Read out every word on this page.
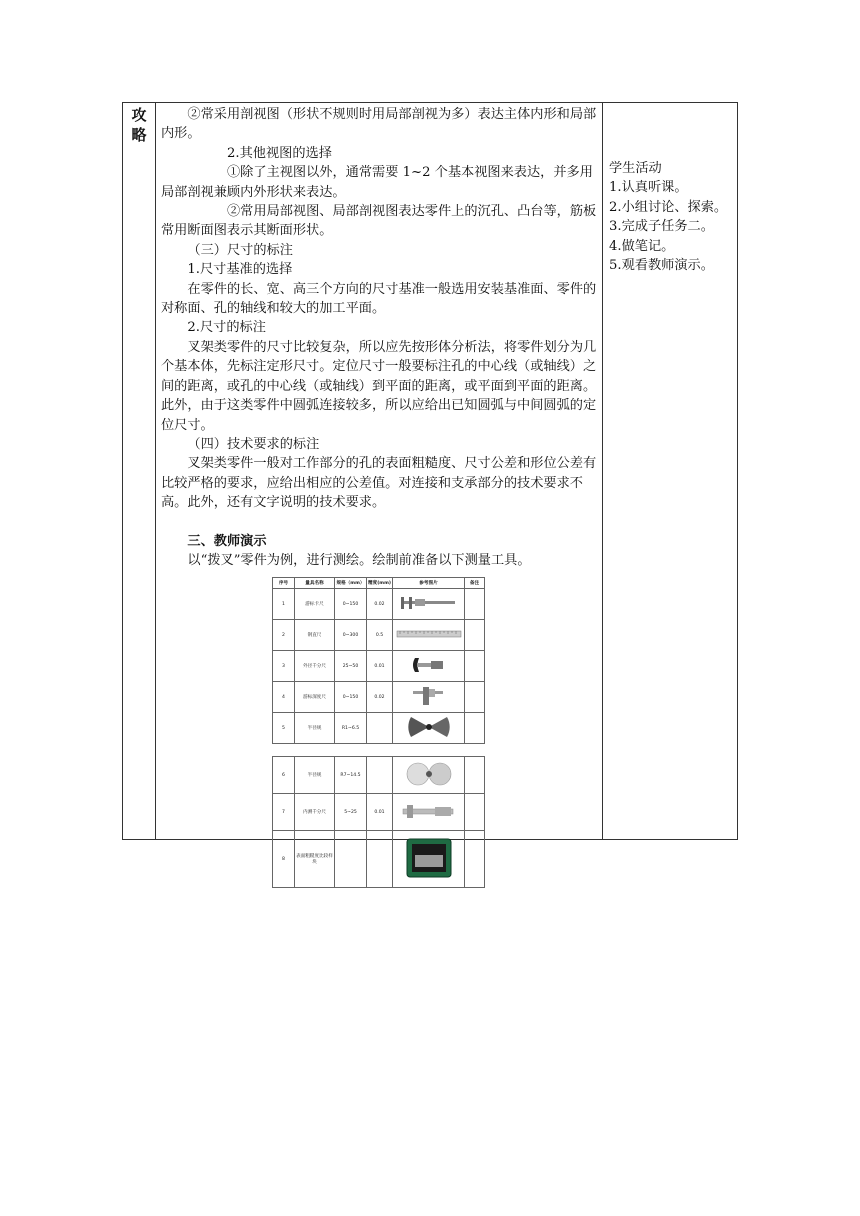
攻略

②常采用剖视图（形状不规则时用局部剖视为多）表达主体内形和局部内形。

2.其他视图的选择

①除了主视图以外，通常需要 1~2 个基本视图来表达，并多用局部剖视兼顾内外形状来表达。

②常用局部视图、局部剖视图表达零件上的沉孔、凸台等，筋板常用断面图表示其断面形状。

（三）尺寸的标注

1.尺寸基准的选择

在零件的长、宽、高三个方向的尺寸基准一般选用安装基准面、零件的对称面、孔的轴线和较大的加工平面。

2.尺寸的标注

叉架类零件的尺寸比较复杂，所以应先按形体分析法，将零件划分为几个基本体，先标注定形尺寸。定位尺寸一般要标注孔的中心线（或轴线）之间的距离，或孔的中心线（或轴线）到平面的距离，或平面到平面的距离。此外，由于这类零件中圆弧连接较多，所以应给出已知圆弧与中间圆弧的定位尺寸。

（四）技术要求的标注

叉架类零件一般对工作部分的孔的表面粗糙度、尺寸公差和形位公差有比较严格的要求，应给出相应的公差值。对连接和支承部分的技术要求不高。此外，还有文字说明的技术要求。

三、教师演示

以“拨叉”零件为例，进行测绘。绘制前准备以下测量工具。

学生活动

1.认真听课。

2.小组讨论、探索。

3.完成子任务二。

4.做笔记。

5.观看教师演示。

序号	量具名称	规格（mm）	精度(mm)	参考图片	备注
1	游标卡尺	0~150	0.02		
2	钢直尺	0~300	0.5		
3	外径千分尺	25~50	0.01		
4	游标深度尺	0~150	0.02		
5	半径规	R1~6.5			
6	半径规	R7~14.5			
7	内测千分尺	5~25	0.01		
8	表面粗糙度比较样块				
